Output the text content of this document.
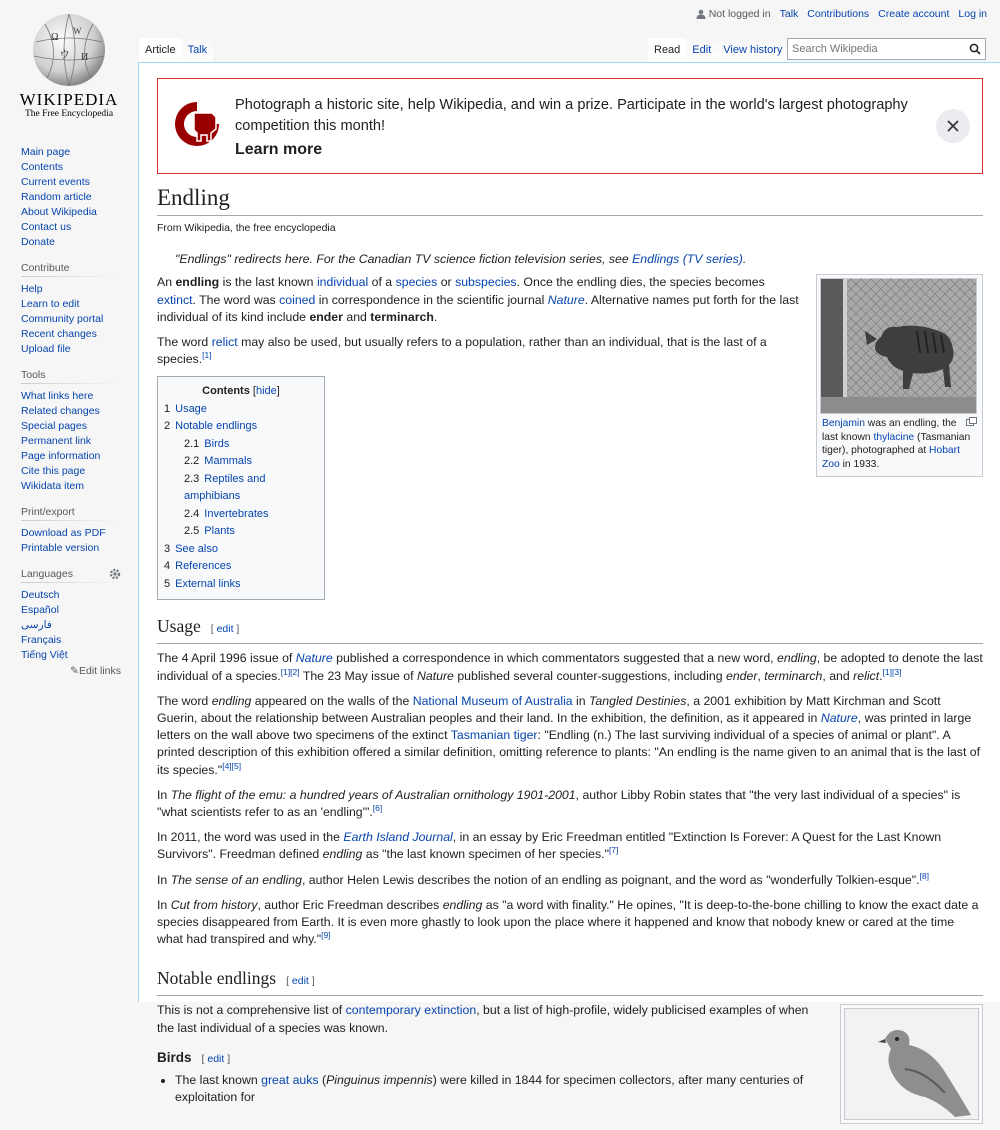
Not logged in Talk Contributions Create account Log in
Ω
W
ウ И
WIKIPEDIA
The Free Encyclopedia
Main page
Contents
Current events
Random article
About Wikipedia
Contact us
Donate
Contribute
Help
Learn to edit
Community portal
Recent changes
Upload file
Tools
What links here
Related changes
Special pages
Permanent link
Page information
Cite this page
Wikidata item
Print/export
Download as PDF
Printable version
Languages
Deutsch
Español
فارسی
Français
Tiếng Việt
✎Edit links
Article	Talk	Read	Edit	View history
Search Wikipedia
Photograph a historic site, help Wikipedia, and win a prize. Participate in the world's largest photography competition this month!
Learn more
Endling
From Wikipedia, the free encyclopedia
"Endlings" redirects here. For the Canadian TV science fiction television series, see Endlings (TV series).
Benjamin was an endling, the last known thylacine (Tasmanian tiger), photographed at Hobart Zoo in 1933.

An endling is the last known individual of a species or subspecies. Once the endling dies, the species becomes extinct. The word was coined in correspondence in the scientific journal Nature. Alternative names put forth for the last individual of its kind include ender and terminarch.

The word relict may also be used, but usually refers to a population, rather than an individual, that is the last of a species.[1]

Contents [hide]
1 Usage
2 Notable endlings
2.1 Birds
2.2 Mammals
2.3 Reptiles and amphibians
2.4 Invertebrates
2.5 Plants
3 See also
4 References
5 External links
Usage [ edit ]

The 4 April 1996 issue of Nature published a correspondence in which commentators suggested that a new word, endling, be adopted to denote the last individual of a species.[1][2] The 23 May issue of Nature published several counter-suggestions, including ender, terminarch, and relict.[1][3]

The word endling appeared on the walls of the National Museum of Australia in Tangled Destinies, a 2001 exhibition by Matt Kirchman and Scott Guerin, about the relationship between Australian peoples and their land. In the exhibition, the definition, as it appeared in Nature, was printed in large letters on the wall above two specimens of the extinct Tasmanian tiger: "Endling (n.) The last surviving individual of a species of animal or plant". A printed description of this exhibition offered a similar definition, omitting reference to plants: "An endling is the name given to an animal that is the last of its species."[4][5]

In The flight of the emu: a hundred years of Australian ornithology 1901-2001, author Libby Robin states that "the very last individual of a species" is "what scientists refer to as an 'endling'".[6]

In 2011, the word was used in the Earth Island Journal, in an essay by Eric Freedman entitled "Extinction Is Forever: A Quest for the Last Known Survivors". Freedman defined endling as "the last known specimen of her species."[7]

In The sense of an endling, author Helen Lewis describes the notion of an endling as poignant, and the word as "wonderfully Tolkien-esque".[8]

In Cut from history, author Eric Freedman describes endling as "a word with finality." He opines, "It is deep-to-the-bone chilling to know the exact date a species disappeared from Earth. It is even more ghastly to look upon the place where it happened and know that nobody knew or cared at the time what had transpired and why."[9]

Notable endlings [ edit ]

This is not a comprehensive list of contemporary extinction, but a list of high-profile, widely publicised examples of when the last individual of a species was known.

Birds [ edit ]
• The last known great auks (Pinguinus impennis) were killed in 1844 for specimen collectors, after many centuries of exploitation for
